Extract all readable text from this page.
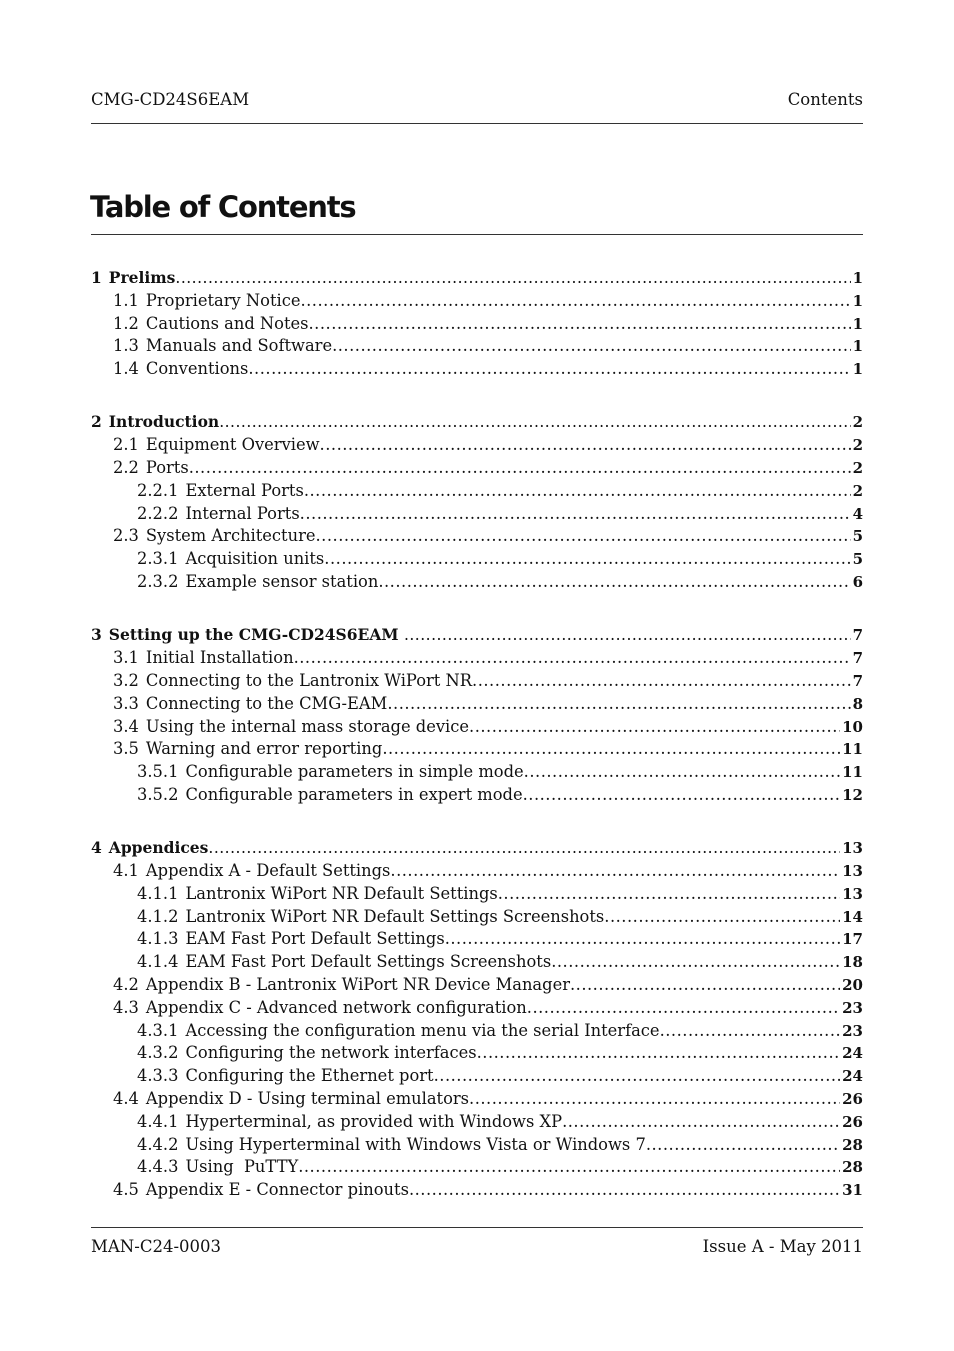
CMG-CD24S6EAM	Contents
Table of Contents
1 Prelims .....	1
1.1 Proprietary Notice .....	1
1.2 Cautions and Notes .....	1
1.3 Manuals and Software .....	1
1.4 Conventions .....	1
2 Introduction .....	2
2.1 Equipment Overview .....	2
2.2 Ports .....	2
2.2.1 External Ports .....	2
2.2.2 Internal Ports .....	4
2.3 System Architecture .....	5
2.3.1 Acquisition units .....	5
2.3.2 Example sensor station .....	6
3 Setting up the CMG-CD24S6EAM .....	7
3.1 Initial Installation .....	7
3.2 Connecting to the Lantronix WiPort NR .....	7
3.3 Connecting to the CMG-EAM .....	8
3.4 Using the internal mass storage device .....	10
3.5 Warning and error reporting .....	11
3.5.1 Configurable parameters in simple mode .....	11
3.5.2 Configurable parameters in expert mode .....	12
4 Appendices .....	13
4.1 Appendix A - Default Settings .....	13
4.1.1 Lantronix WiPort NR Default Settings .....	13
4.1.2 Lantronix WiPort NR Default Settings Screenshots .....	14
4.1.3 EAM Fast Port Default Settings .....	17
4.1.4 EAM Fast Port Default Settings Screenshots .....	18
4.2 Appendix B - Lantronix WiPort NR Device Manager .....	20
4.3 Appendix C - Advanced network configuration .....	23
4.3.1 Accessing the configuration menu via the serial Interface .....	23
4.3.2 Configuring the network interfaces .....	24
4.3.3 Configuring the Ethernet port .....	24
4.4 Appendix D - Using terminal emulators .....	26
4.4.1 Hyperterminal, as provided with Windows XP .....	26
4.4.2 Using Hyperterminal with Windows Vista or Windows 7 .....	28
4.4.3 Using  PuTTY .....	28
4.5 Appendix E - Connector pinouts .....	31
MAN-C24-0003	Issue A - May 2011
